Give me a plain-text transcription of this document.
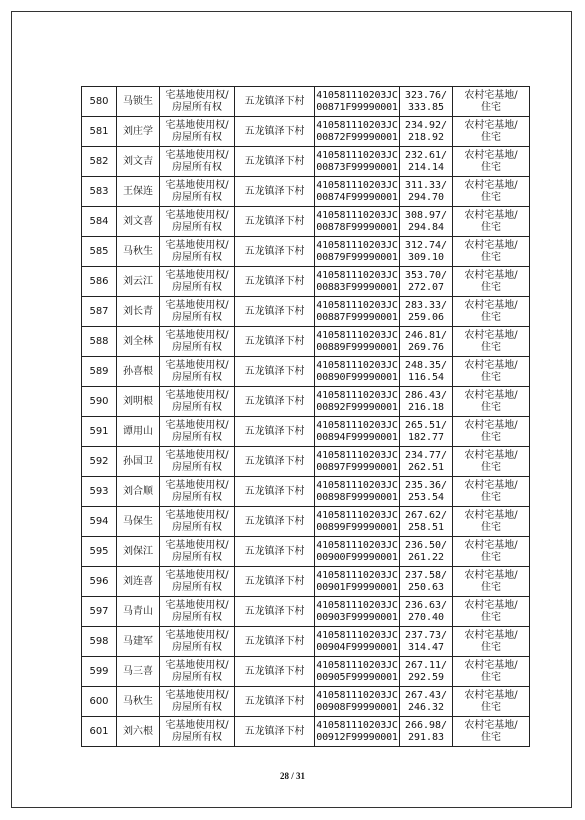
580	马锁生	宅基地使用权/
房屋所有权	五龙镇泽下村	410581110203JC
00871F99990001	323.76/
333.85	农村宅基地/
住宅

581	刘庄学	宅基地使用权/
房屋所有权	五龙镇泽下村	410581110203JC
00872F99990001	234.92/
218.92	农村宅基地/
住宅

582	刘文吉	宅基地使用权/
房屋所有权	五龙镇泽下村	410581110203JC
00873F99990001	232.61/
214.14	农村宅基地/
住宅

583	王保连	宅基地使用权/
房屋所有权	五龙镇泽下村	410581110203JC
00874F99990001	311.33/
294.70	农村宅基地/
住宅

584	刘文喜	宅基地使用权/
房屋所有权	五龙镇泽下村	410581110203JC
00878F99990001	308.97/
294.84	农村宅基地/
住宅

585	马秋生	宅基地使用权/
房屋所有权	五龙镇泽下村	410581110203JC
00879F99990001	312.74/
309.10	农村宅基地/
住宅

586	刘云江	宅基地使用权/
房屋所有权	五龙镇泽下村	410581110203JC
00883F99990001	353.70/
272.07	农村宅基地/
住宅

587	刘长青	宅基地使用权/
房屋所有权	五龙镇泽下村	410581110203JC
00887F99990001	283.33/
259.06	农村宅基地/
住宅

588	刘全林	宅基地使用权/
房屋所有权	五龙镇泽下村	410581110203JC
00889F99990001	246.81/
269.76	农村宅基地/
住宅

589	孙喜根	宅基地使用权/
房屋所有权	五龙镇泽下村	410581110203JC
00890F99990001	248.35/
116.54	农村宅基地/
住宅

590	刘明根	宅基地使用权/
房屋所有权	五龙镇泽下村	410581110203JC
00892F99990001	286.43/
216.18	农村宅基地/
住宅

591	谭用山	宅基地使用权/
房屋所有权	五龙镇泽下村	410581110203JC
00894F99990001	265.51/
182.77	农村宅基地/
住宅

592	孙国卫	宅基地使用权/
房屋所有权	五龙镇泽下村	410581110203JC
00897F99990001	234.77/
262.51	农村宅基地/
住宅

593	刘合顺	宅基地使用权/
房屋所有权	五龙镇泽下村	410581110203JC
00898F99990001	235.36/
253.54	农村宅基地/
住宅

594	马保生	宅基地使用权/
房屋所有权	五龙镇泽下村	410581110203JC
00899F99990001	267.62/
258.51	农村宅基地/
住宅

595	刘保江	宅基地使用权/
房屋所有权	五龙镇泽下村	410581110203JC
00900F99990001	236.50/
261.22	农村宅基地/
住宅

596	刘连喜	宅基地使用权/
房屋所有权	五龙镇泽下村	410581110203JC
00901F99990001	237.58/
250.63	农村宅基地/
住宅

597	马青山	宅基地使用权/
房屋所有权	五龙镇泽下村	410581110203JC
00903F99990001	236.63/
270.40	农村宅基地/
住宅

598	马建军	宅基地使用权/
房屋所有权	五龙镇泽下村	410581110203JC
00904F99990001	237.73/
314.47	农村宅基地/
住宅

599	马三喜	宅基地使用权/
房屋所有权	五龙镇泽下村	410581110203JC
00905F99990001	267.11/
292.59	农村宅基地/
住宅

600	马秋生	宅基地使用权/
房屋所有权	五龙镇泽下村	410581110203JC
00908F99990001	267.43/
246.32	农村宅基地/
住宅

601	刘六根	宅基地使用权/
房屋所有权	五龙镇泽下村	410581110203JC
00912F99990001	266.98/
291.83	农村宅基地/
住宅
28 / 31
